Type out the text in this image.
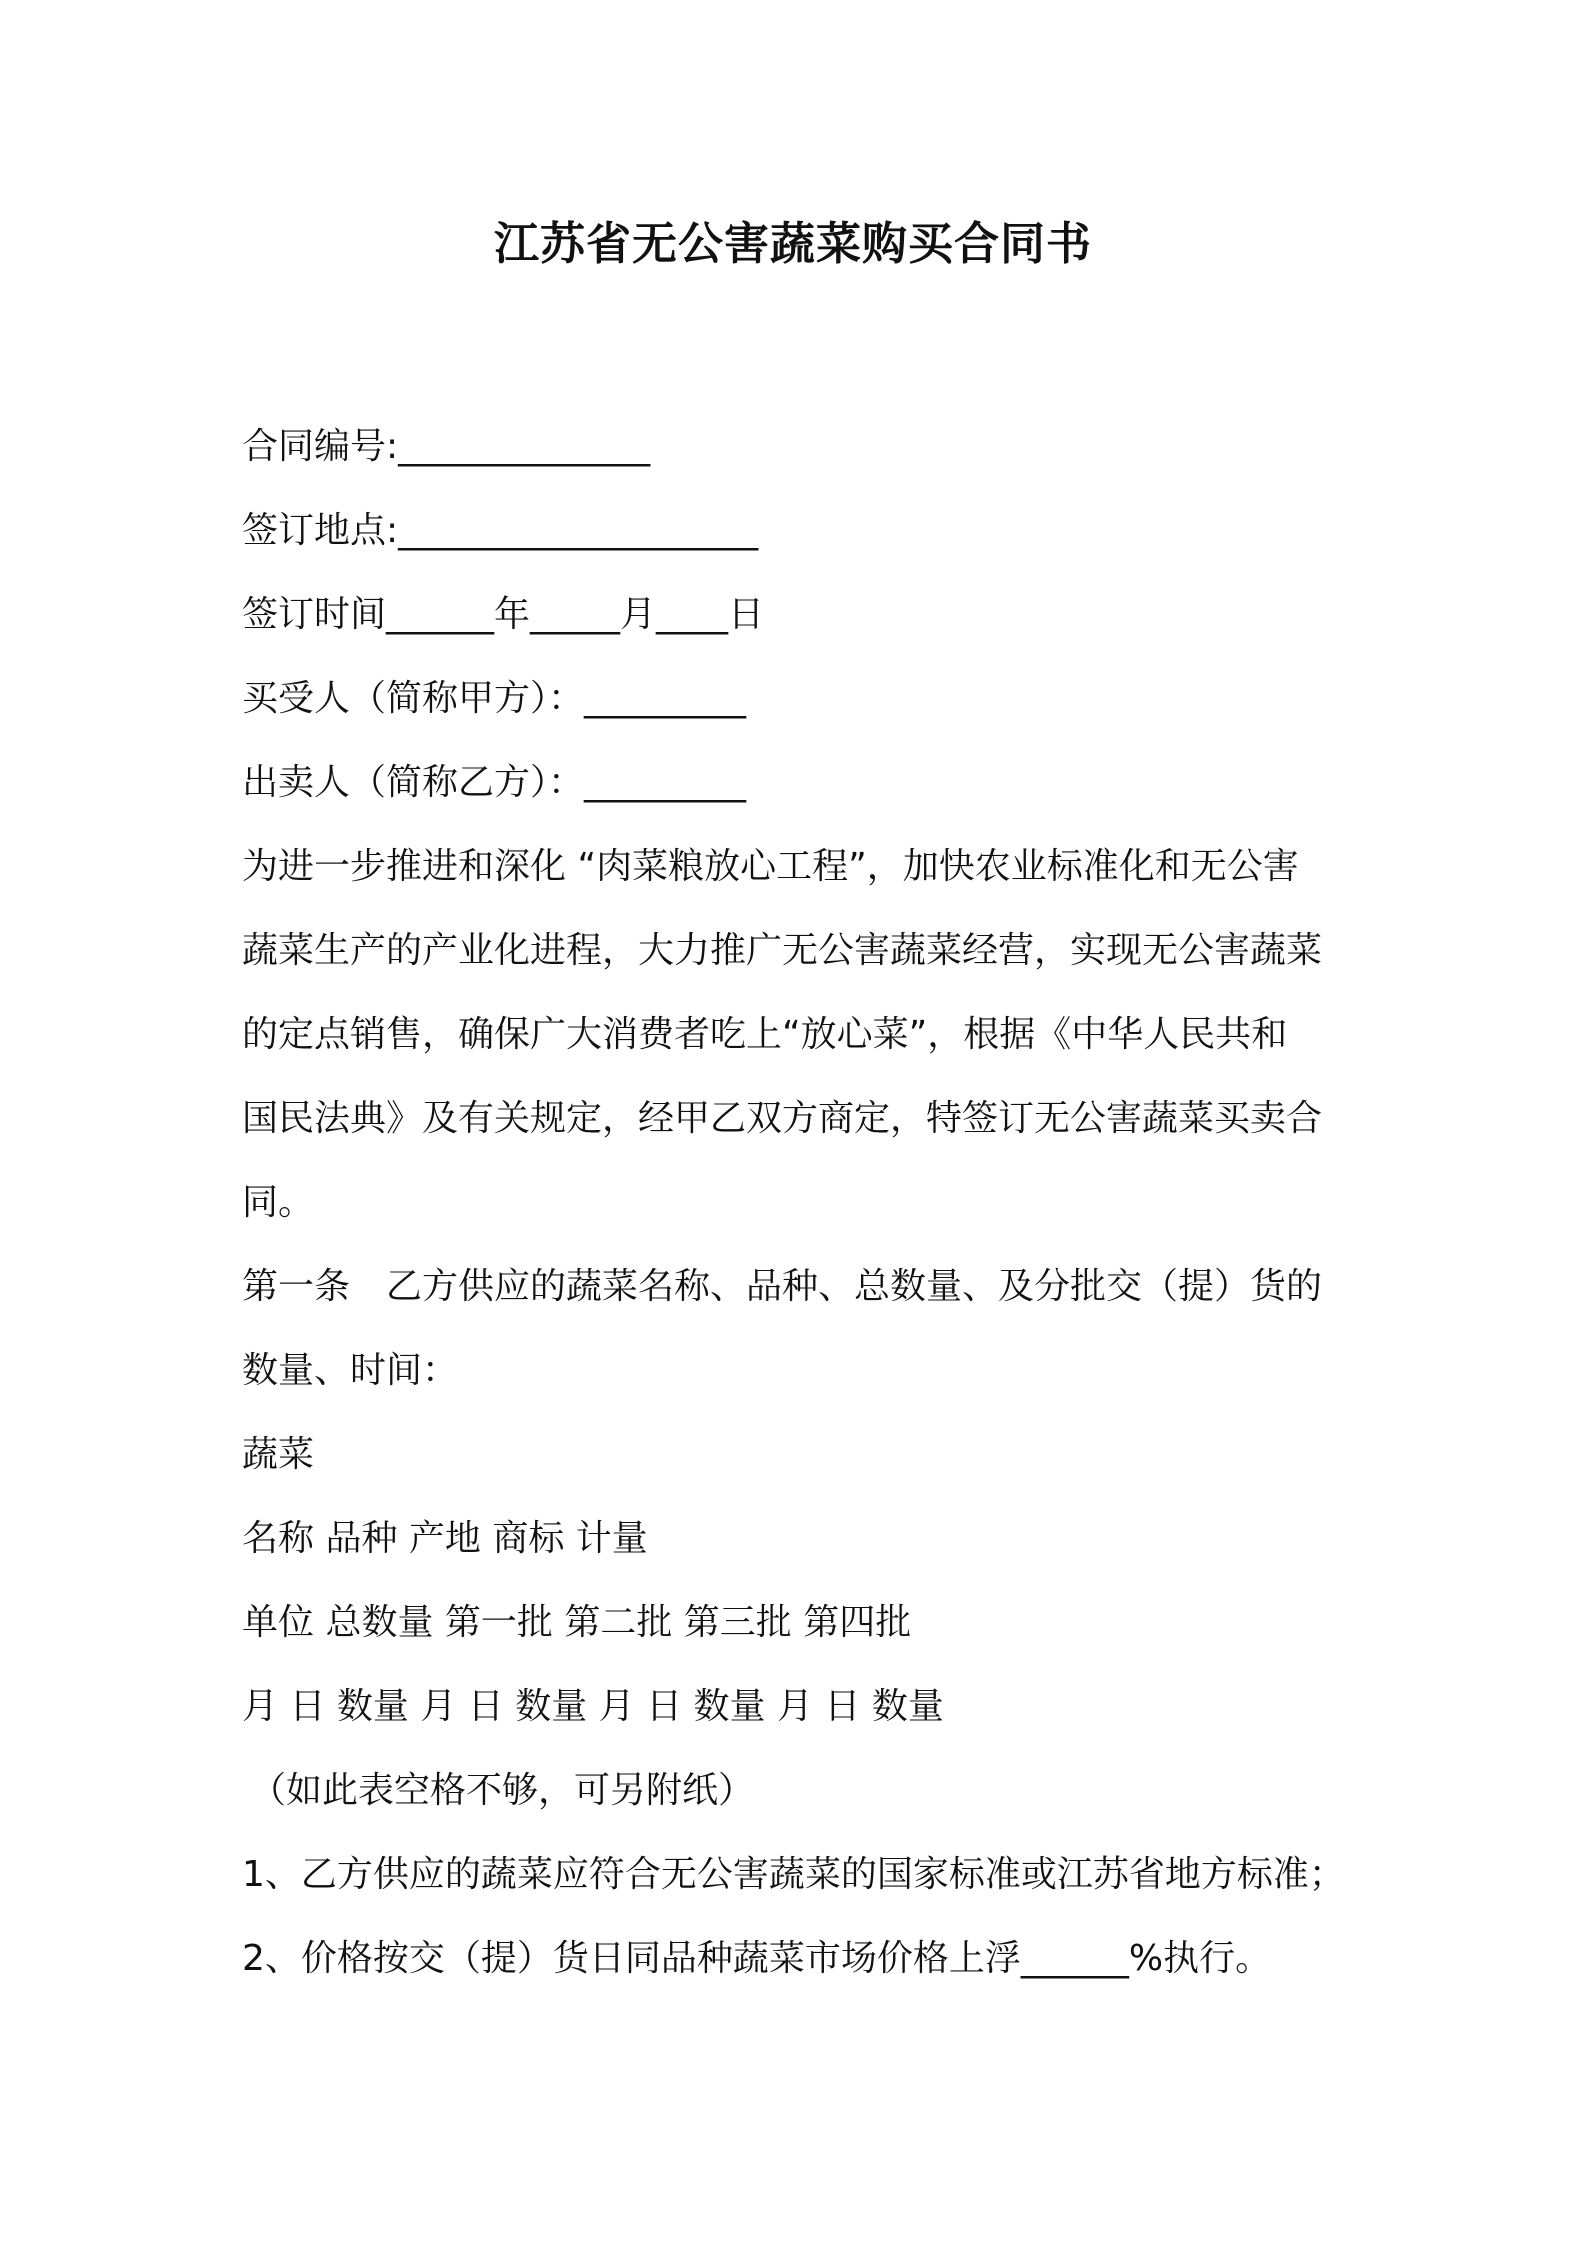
江苏省无公害蔬菜购买合同书
合同编号:______________
签订地点:____________________
签订时间______年_____月____日
买受人（简称甲方）：_________
出卖人（简称乙方）：_________
为进一步推进和深化 “肉菜粮放心工程”，加快农业标准化和无公害
蔬菜生产的产业化进程，大力推广无公害蔬菜经营，实现无公害蔬菜
的定点销售，确保广大消费者吃上“放心菜”，根据《中华人民共和
国民法典》及有关规定，经甲乙双方商定，特签订无公害蔬菜买卖合
同。
第一条　乙方供应的蔬菜名称、品种、总数量、及分批交（提）货的
数量、时间：
蔬菜
名称 品种 产地 商标 计量
单位 总数量 第一批 第二批 第三批 第四批
月 日 数量 月 日 数量 月 日 数量 月 日 数量
（如此表空格不够，可另附纸）
1、乙方供应的蔬菜应符合无公害蔬菜的国家标准或江苏省地方标准；
2、价格按交（提）货日同品种蔬菜市场价格上浮______%执行。
